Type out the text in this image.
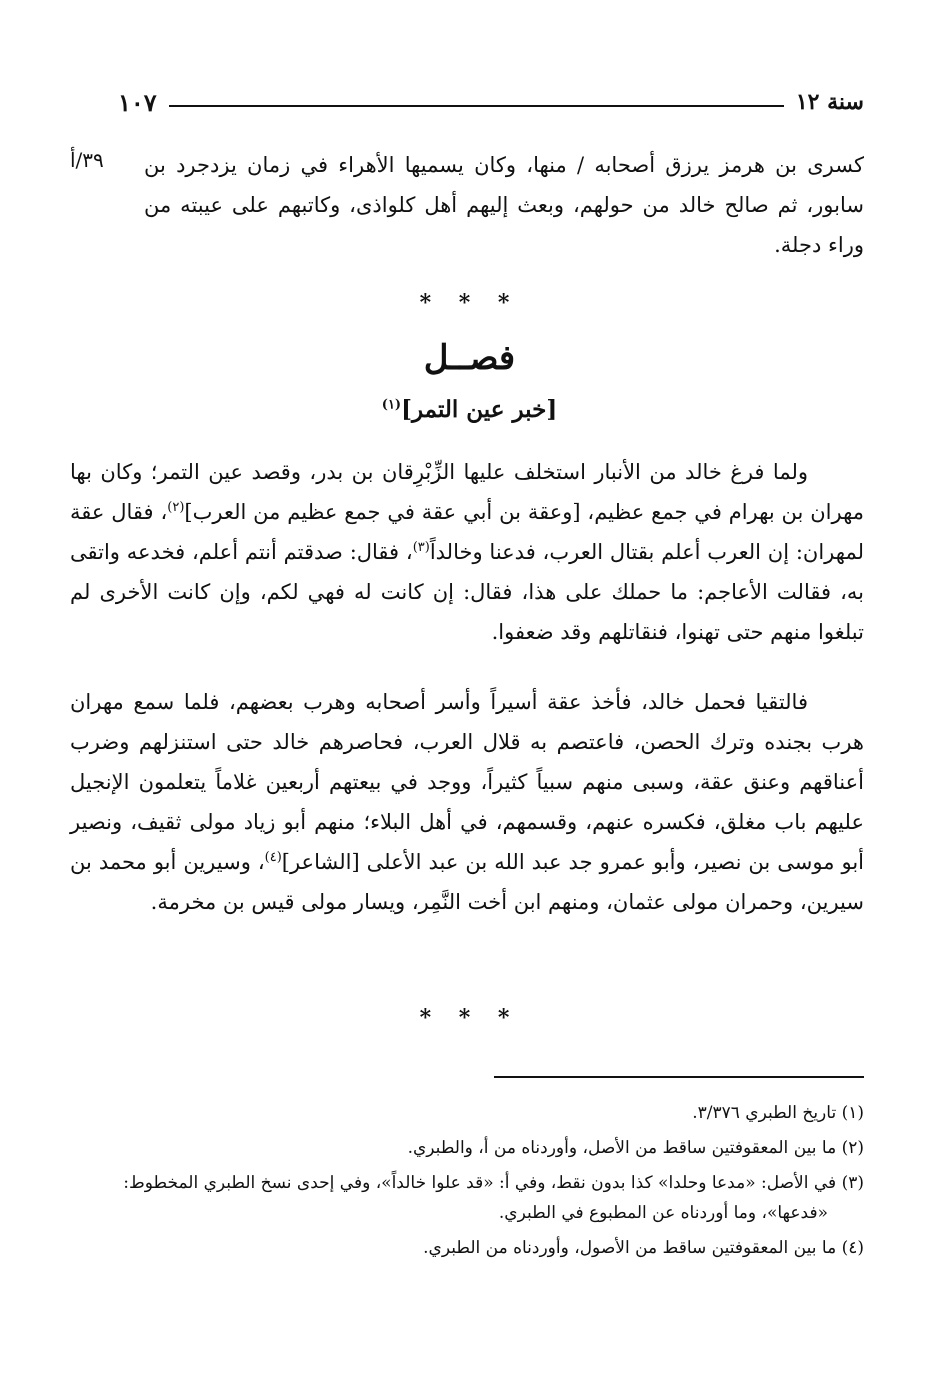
سنة ١٢
١٠٧
٣٩/أ كسرى بن هرمز يرزق أصحابه / منها، وكان يسميها الأهراء في زمان يزدجرد بن سابور، ثم صالح خالد من حولهم، وبعث إليهم أهل كلواذى، وكاتبهم على عيبته من وراء دجلة.

* * *
فصــل
[خبر عين التمر]$^{(١)}$

ولما فرغ خالد من الأنبار استخلف عليها الزِّبْرِقان بن بدر، وقصد عين التمر؛ وكان بها مهران بن بهرام في جمع عظيم، [وعقة بن أبي عقة في جمع عظيم من العرب]$^{(٢)}$، فقال عقة لمهران: إن العرب أعلم بقتال العرب، فدعنا وخالداً$^{(٣)}$، فقال: صدقتم أنتم أعلم، فخدعه واتقى به، فقالت الأعاجم: ما حملك على هذا، فقال: إن كانت له فهي لكم، وإن كانت الأخرى لم تبلغوا منهم حتى تهنوا، فنقاتلهم وقد ضعفوا.

فالتقيا فحمل خالد، فأخذ عقة أسيراً وأسر أصحابه وهرب بعضهم، فلما سمع مهران هرب بجنده وترك الحصن، فاعتصم به قلال العرب، فحاصرهم خالد حتى استنزلهم وضرب أعناقهم وعنق عقة، وسبى منهم سبياً كثيراً، ووجد في بيعتهم أربعين غلاماً يتعلمون الإنجيل عليهم باب مغلق، فكسره عنهم، وقسمهم، في أهل البلاء؛ منهم أبو زياد مولى ثقيف، ونصير أبو موسى بن نصير، وأبو عمرو جد عبد الله بن عبد الأعلى [الشاعر]$^{(٤)}$، وسيرين أبو محمد بن سيرين، وحمران مولى عثمان، ومنهم ابن أخت النَّمِر، ويسار مولى قيس بن مخرمة.

* * *

(١) تاريخ الطبري ٣/٣٧٦.

(٢) ما بين المعقوفتين ساقط من الأصل، وأوردناه من أ، والطبري.

(٣) في الأصل: «مدعا وحلدا» كذا بدون نقط، وفي أ: «قد علوا خالداً»، وفي إحدى نسخ الطبري المخطوط:

«فدعها»، وما أوردناه عن المطبوع في الطبري.

(٤) ما بين المعقوفتين ساقط من الأصول، وأوردناه من الطبري.
